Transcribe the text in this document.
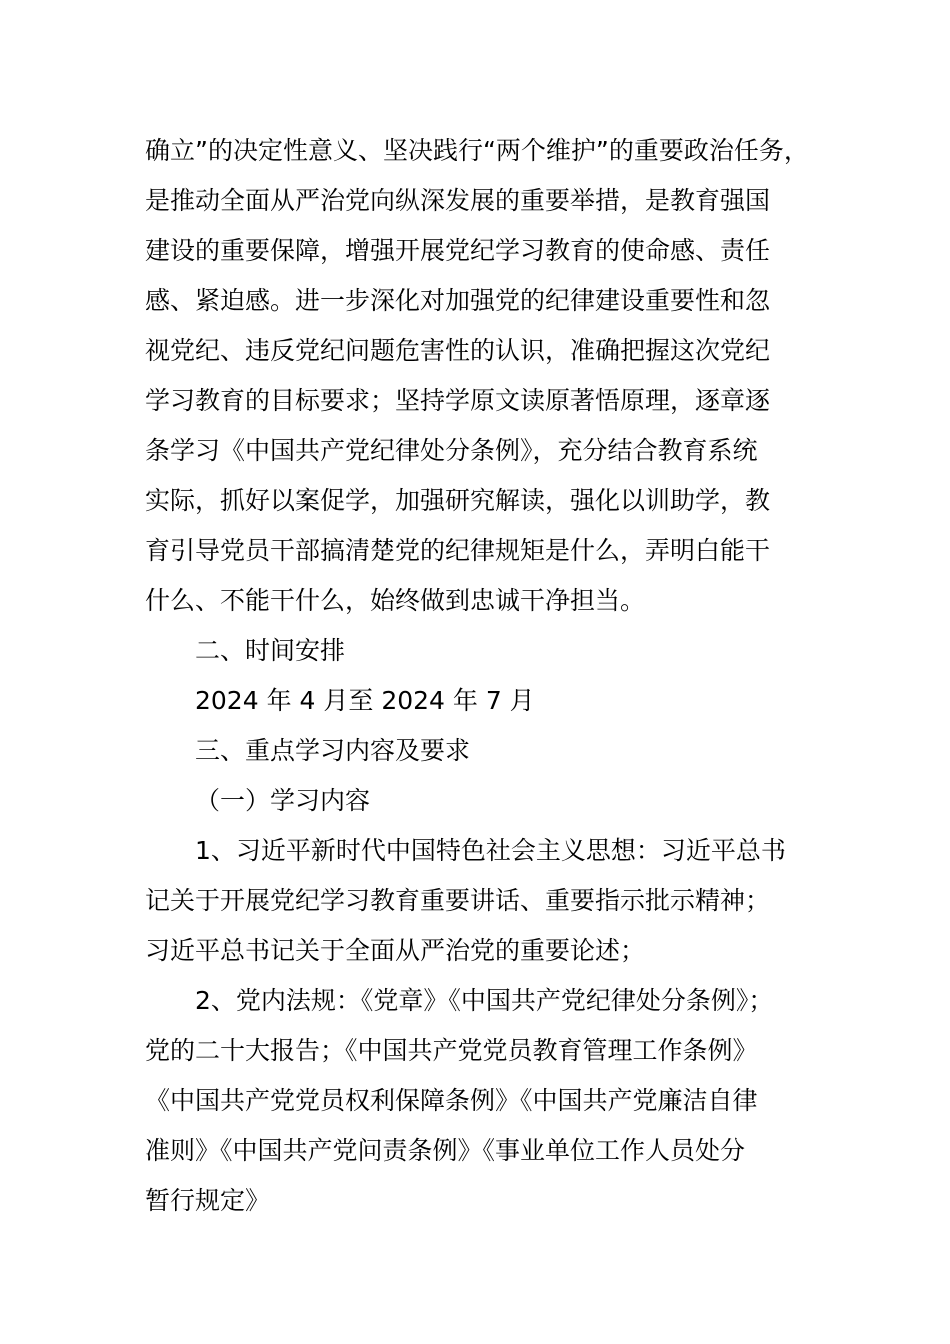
确立”的决定性意义、坚决践行“两个维护”的重要政治任务，
是推动全面从严治党向纵深发展的重要举措，是教育强国
建设的重要保障，增强开展党纪学习教育的使命感、责任
感、紧迫感。进一步深化对加强党的纪律建设重要性和忽
视党纪、违反党纪问题危害性的认识，准确把握这次党纪
学习教育的目标要求；坚持学原文读原著悟原理，逐章逐
条学习《中国共产党纪律处分条例》，充分结合教育系统
实际，抓好以案促学，加强研究解读，强化以训助学，教
育引导党员干部搞清楚党的纪律规矩是什么，弄明白能干
什么、不能干什么，始终做到忠诚干净担当。
二、时间安排
2024 年 4 月至 2024 年 7 月
三、重点学习内容及要求
（一）学习内容
1、习近平新时代中国特色社会主义思想：习近平总书
记关于开展党纪学习教育重要讲话、重要指示批示精神；
习近平总书记关于全面从严治党的重要论述；
2、党内法规：《党章》《中国共产党纪律处分条例》；
党的二十大报告；《中国共产党党员教育管理工作条例》
《中国共产党党员权利保障条例》《中国共产党廉洁自律
准则》《中国共产党问责条例》《事业单位工作人员处分
暂行规定》
